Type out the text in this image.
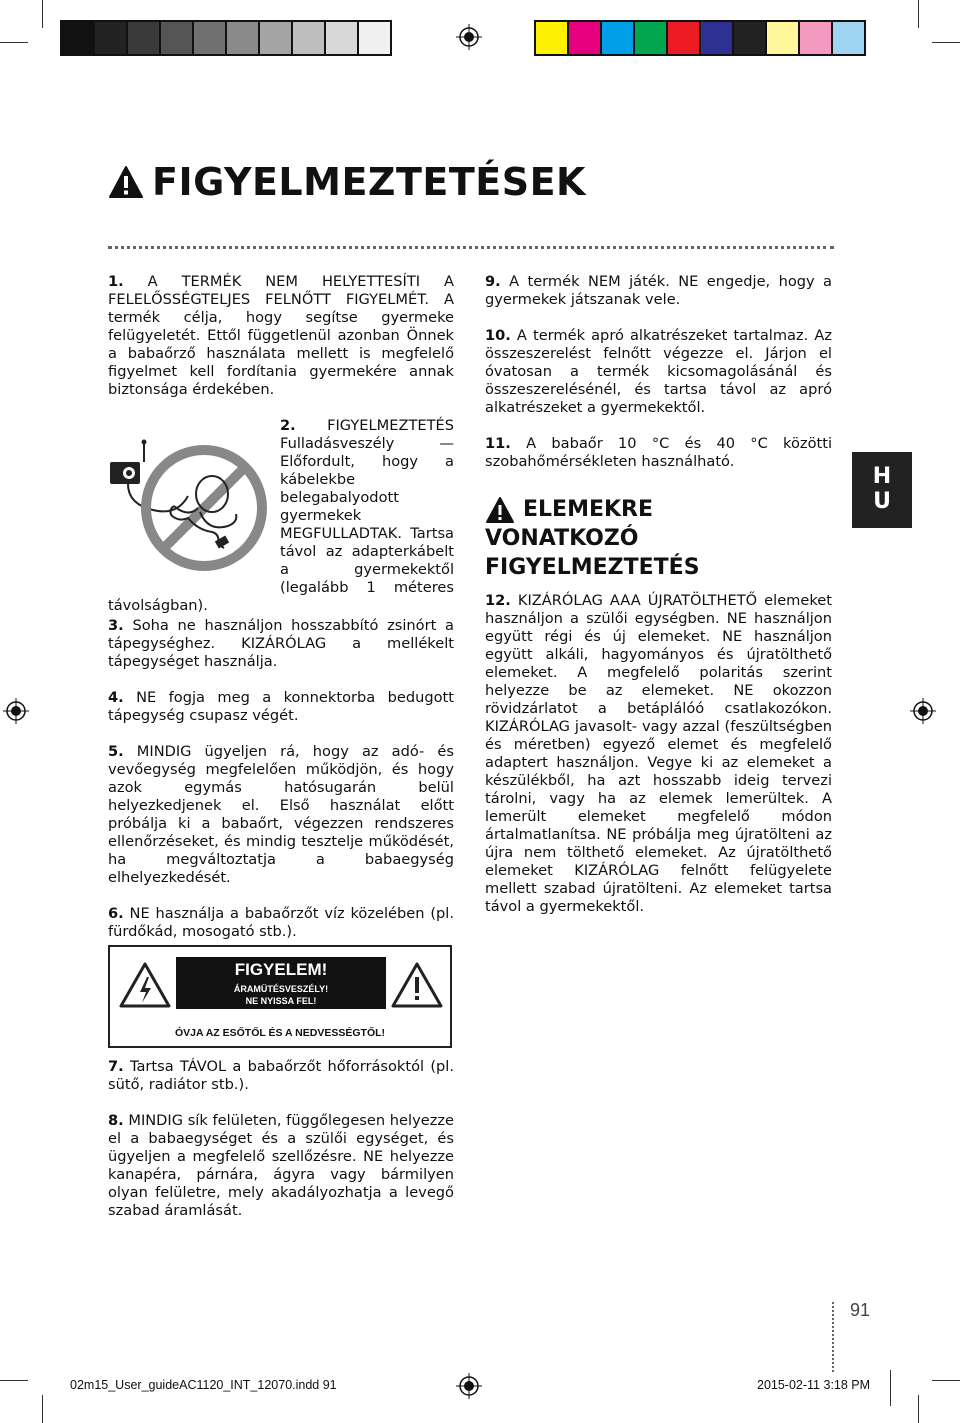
FIGYELMEZTETÉSEK
H
U

1. A TERMÉK NEM HELYETTESÍTI A FELELŐSSÉGTELJES FELNŐTT FIGYELMÉT. A termék célja, hogy segítse gyermeke felügyeletét. Ettől függetlenül azonban Önnek a babaőrző használata mellett is megfelelő figyelmet kell fordítania gyermekére annak biztonsága érdekében.

2. FIGYELMEZTETÉS Fulladásveszély — Előfordult, hogy a kábelekbe belegabalyodott gyermekek MEGFULLADTAK. Tartsa távol az adapterkábelt a gyermekektől (legalább 1 méteres távolságban).

3. Soha ne használjon hosszabbító zsinórt a tápegységhez. KIZÁRÓLAG a mellékelt tápegységet használja.

4. NE fogja meg a konnektorba bedugott tápegység csupasz végét.

5. MINDIG ügyeljen rá, hogy az adó- és vevőegység megfelelően működjön, és hogy azok egymás hatósugarán belül helyezkedjenek el. Első használat előtt próbálja ki a babaőrt, végezzen rendszeres ellenőrzéseket, és mindig tesztelje működését, ha megváltoztatja a babaegység elhelyezkedését.

6. NE használja a babaőrzőt víz közelében (pl. fürdőkád, mosogató stb.).

FIGYELEM!
ÁRAMÜTÉSVESZÉLY!
NE NYISSA FEL!
ÓVJA AZ ESŐTŐL ÉS A NEDVESSÉGTŐL!

7. Tartsa TÁVOL a babaőrzőt hőforrásoktól (pl. sütő, radiátor stb.).

8. MINDIG sík felületen, függőlegesen helyezze el a babaegységet és a szülői egységet, és ügyeljen a megfelelő szellőzésre. NE helyezze kanapéra, párnára, ágyra vagy bármilyen olyan felületre, mely akadályozhatja a levegő szabad áramlását.

9. A termék NEM játék. NE engedje, hogy a gyermekek játszanak vele.

10. A termék apró alkatrészeket tartalmaz. Az összeszerelést felnőtt végezze el. Járjon el óvatosan a termék kicsomagolásánál és összeszerelésénél, és tartsa távol az apró alkatrészeket a gyermekektől.

11. A babaőr 10 °C és 40 °C közötti szobahőmérsékleten használható.

ELEMEKRE
VONATKOZÓ
FIGYELMEZTETÉS

12. KIZÁRÓLAG AAA ÚJRATÖLTHETŐ elemeket használjon a szülői egységben. NE használjon együtt régi és új elemeket. NE használjon együtt alkáli, hagyományos és újratölthető elemeket. A megfelelő polaritás szerint helyezze be az elemeket. NE okozzon rövidzárlatot a betáplálóó csatlakozókon. KIZÁRÓLAG javasolt- vagy azzal (feszültségben és méretben) egyező elemet és megfelelő adaptert használjon. Vegye ki az elemeket a készülékből, ha azt hosszabb ideig tervezi tárolni, vagy ha az elemek lemerültek. A lemerült elemeket megfelelő módon ártalmatlanítsa. NE próbálja meg újratölteni az újra nem tölthető elemeket. Az újratölthető elemeket KIZÁRÓLAG felnőtt felügyelete mellett szabad újratölteni. Az elemeket tartsa távol a gyermekektől.

91
02m15_User_guideAC1120_INT_12070.indd 91	2015-02-11 3:18 PM
